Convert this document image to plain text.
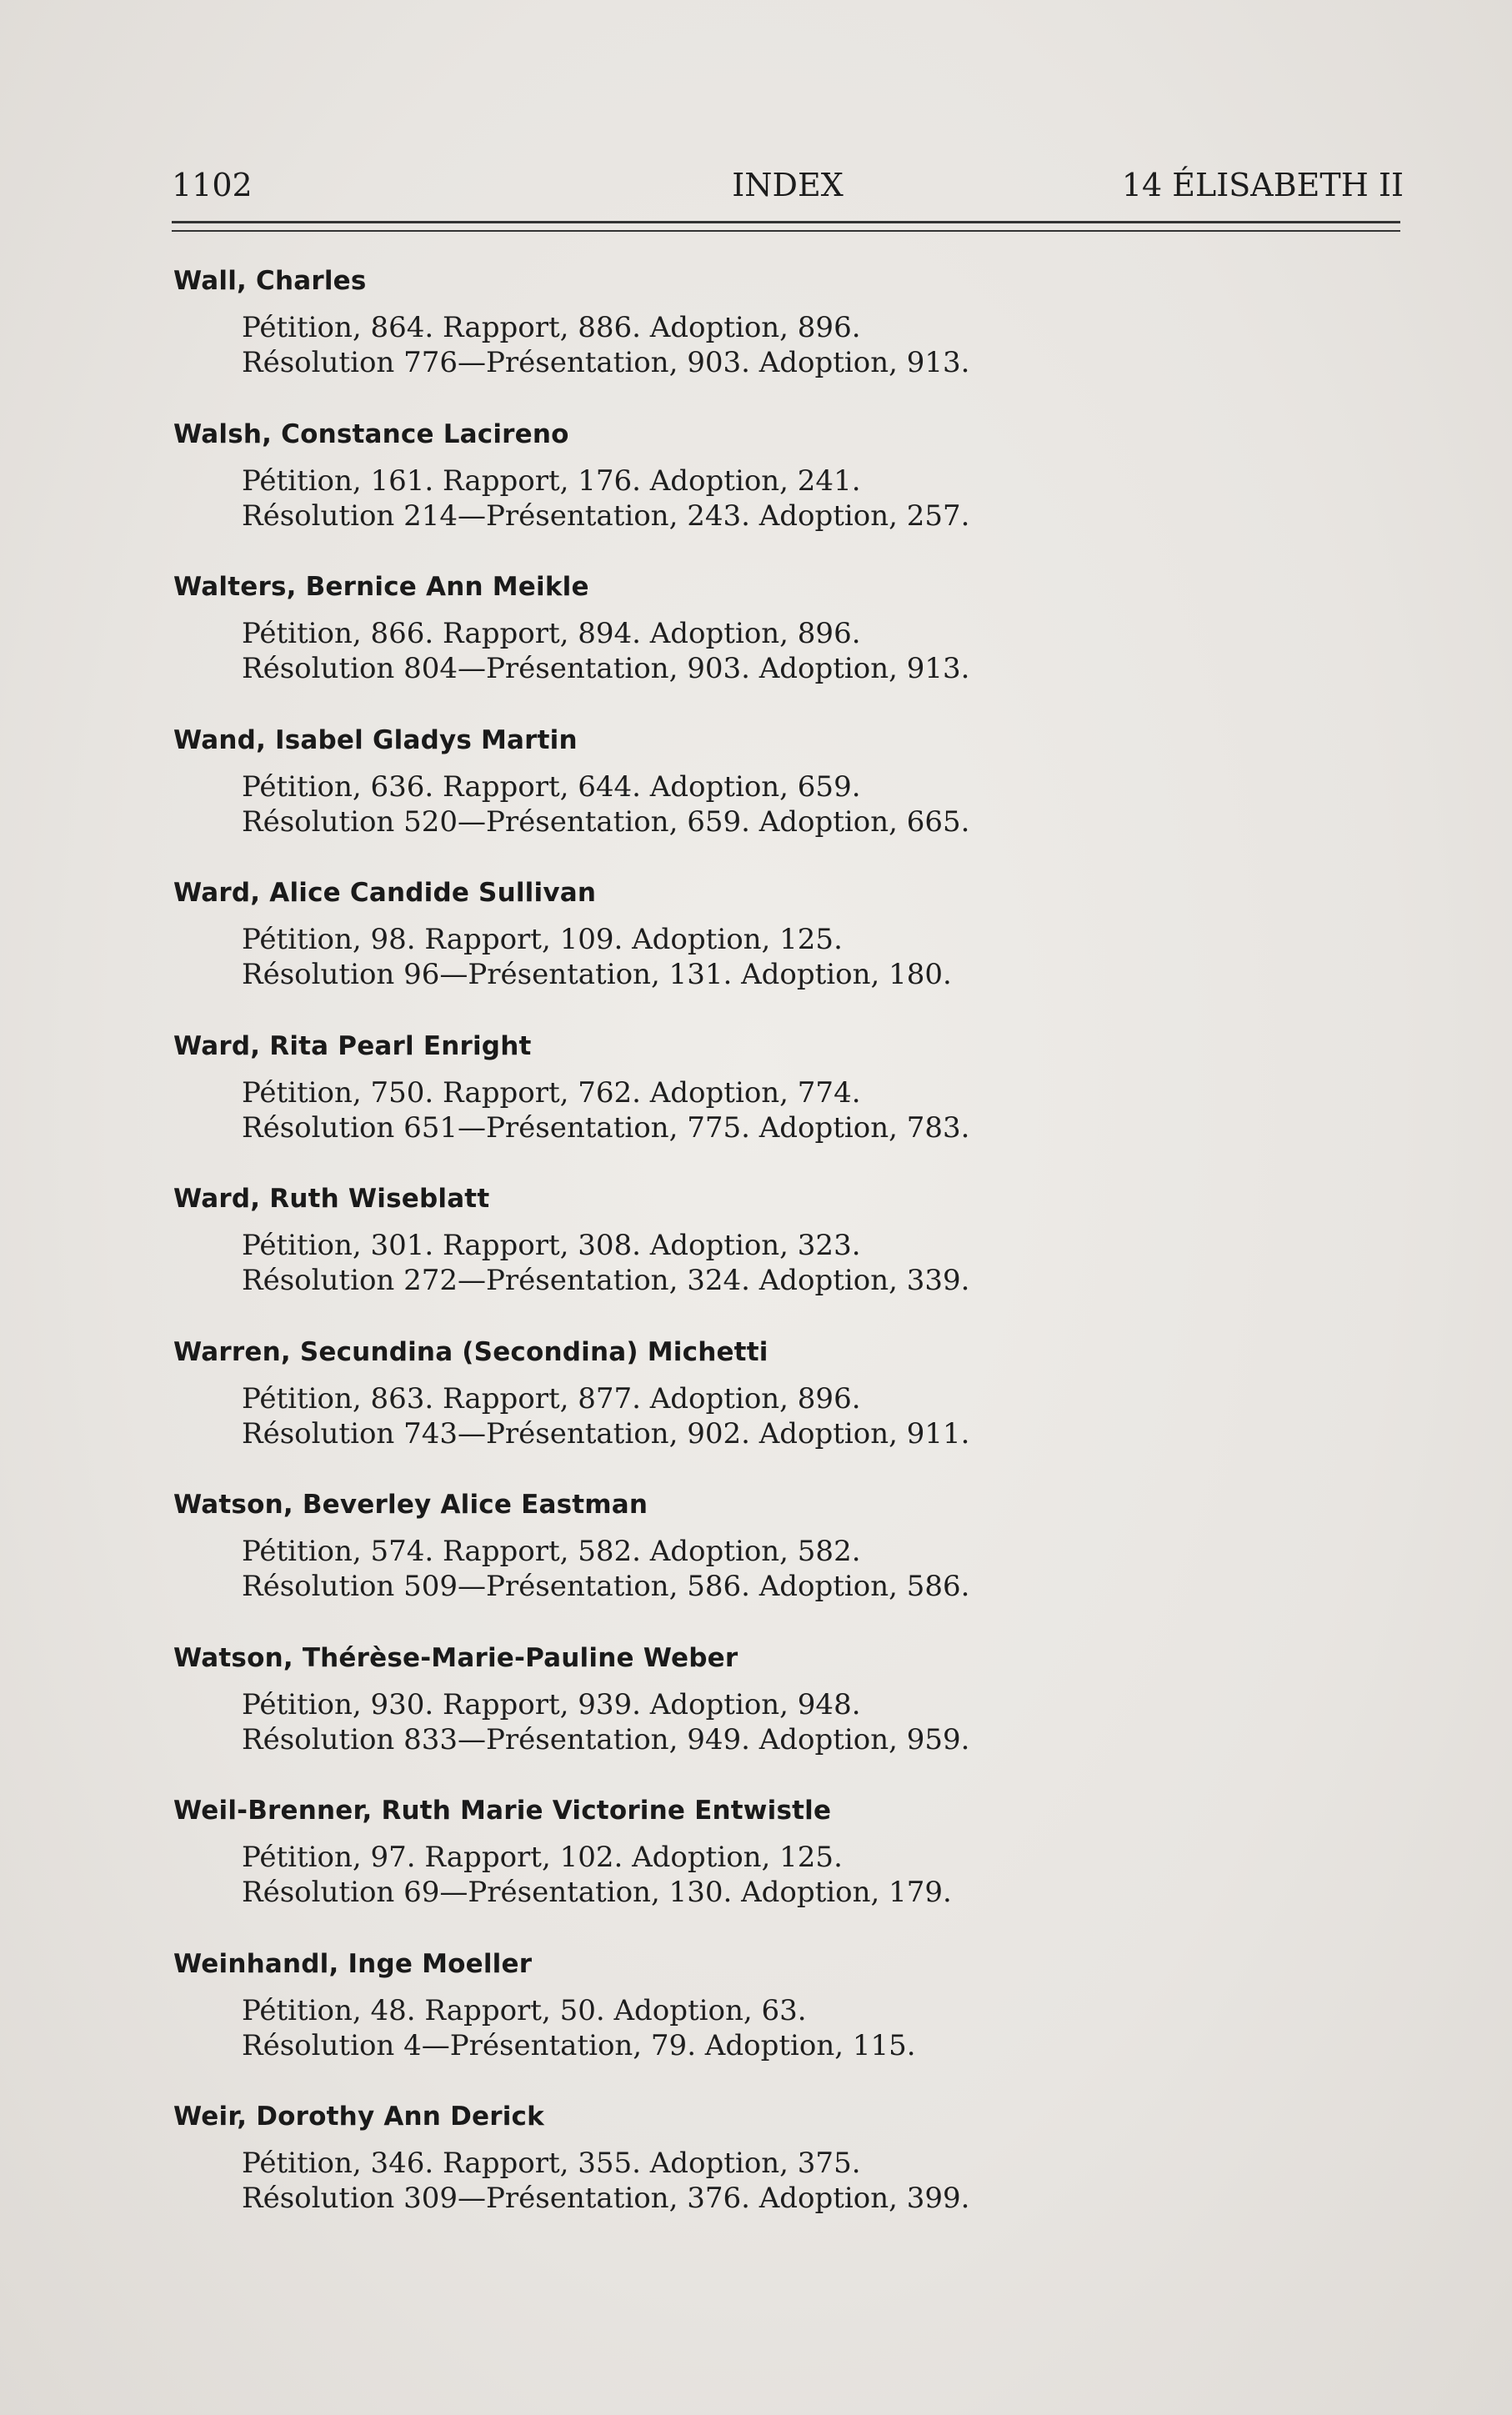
1102	INDEX	14 ÉLISABETH II
Wall, Charles
Pétition, 864. Rapport, 886. Adoption, 896.
Résolution 776—Présentation, 903. Adoption, 913.
Walsh, Constance Lacireno
Pétition, 161. Rapport, 176. Adoption, 241.
Résolution 214—Présentation, 243. Adoption, 257.
Walters, Bernice Ann Meikle
Pétition, 866. Rapport, 894. Adoption, 896.
Résolution 804—Présentation, 903. Adoption, 913.
Wand, Isabel Gladys Martin
Pétition, 636. Rapport, 644. Adoption, 659.
Résolution 520—Présentation, 659. Adoption, 665.
Ward, Alice Candide Sullivan
Pétition, 98. Rapport, 109. Adoption, 125.
Résolution 96—Présentation, 131. Adoption, 180.
Ward, Rita Pearl Enright
Pétition, 750. Rapport, 762. Adoption, 774.
Résolution 651—Présentation, 775. Adoption, 783.
Ward, Ruth Wiseblatt
Pétition, 301. Rapport, 308. Adoption, 323.
Résolution 272—Présentation, 324. Adoption, 339.
Warren, Secundina (Secondina) Michetti
Pétition, 863. Rapport, 877. Adoption, 896.
Résolution 743—Présentation, 902. Adoption, 911.
Watson, Beverley Alice Eastman
Pétition, 574. Rapport, 582. Adoption, 582.
Résolution 509—Présentation, 586. Adoption, 586.
Watson, Thérèse-Marie-Pauline Weber
Pétition, 930. Rapport, 939. Adoption, 948.
Résolution 833—Présentation, 949. Adoption, 959.
Weil-Brenner, Ruth Marie Victorine Entwistle
Pétition, 97. Rapport, 102. Adoption, 125.
Résolution 69—Présentation, 130. Adoption, 179.
Weinhandl, Inge Moeller
Pétition, 48. Rapport, 50. Adoption, 63.
Résolution 4—Présentation, 79. Adoption, 115.
Weir, Dorothy Ann Derick
Pétition, 346. Rapport, 355. Adoption, 375.
Résolution 309—Présentation, 376. Adoption, 399.
